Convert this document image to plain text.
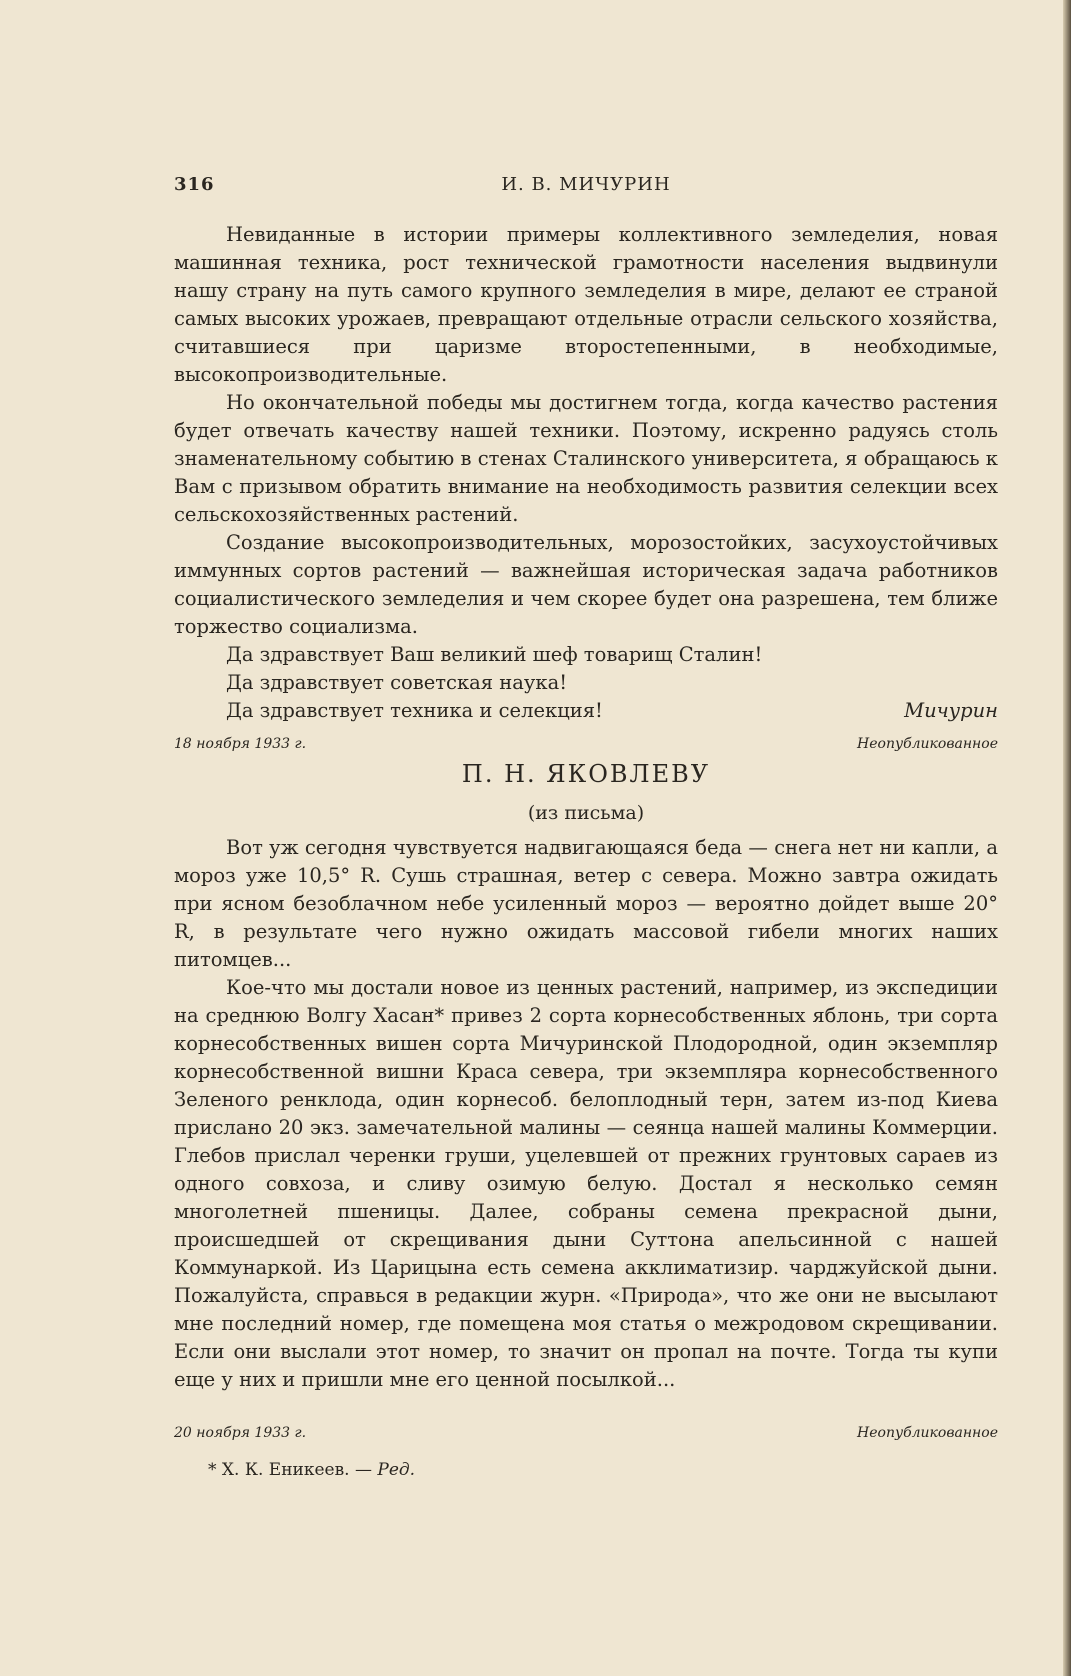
316	И. В. МИЧУРИН

Невиданные в истории примеры коллективного земледелия, новая машинная техника, рост технической грамотности населения выдвинули нашу страну на путь самого крупного земледелия в мире, делают ее страной самых высоких урожаев, превращают отдельные отрасли сельского хозяйства, считавшиеся при царизме второстепенными, в необходимые, высокопроизводительные.

Но окончательной победы мы достигнем тогда, когда качество растения будет отвечать качеству нашей техники. Поэтому, искренно радуясь столь знаменательному событию в стенах Сталинского университета, я обращаюсь к Вам с призывом обратить внимание на необходимость развития селекции всех сельскохозяйственных растений.

Создание высокопроизводительных, морозостойких, засухоустойчивых иммунных сортов растений — важнейшая историческая задача работников социалистического земледелия и чем скорее будет она разрешена, тем ближе торжество социализма.

Да здравствует Ваш великий шеф товарищ Сталин!

Да здравствует советская наука!

Да здравствует техника и селекция!	Мичурин
18 ноября 1933 г.	Неопубликованное
П. Н. ЯКОВЛЕВУ
(из письма)

Вот уж сегодня чувствуется надвигающаяся беда — снега нет ни капли, а мороз уже 10,5° R. Сушь страшная, ветер с севера. Можно завтра ожидать при ясном безоблачном небе усиленный мороз — вероятно дойдет выше 20° R, в результате чего нужно ожидать массовой гибели многих наших питомцев...

Кое-что мы достали новое из ценных растений, например, из экспедиции на среднюю Волгу Хасан* привез 2 сорта корнесобственных яблонь, три сорта корнесобственных вишен сорта Мичуринской Плодородной, один экземпляр корнесобственной вишни Краса севера, три экземпляра корнесобственного Зеленого ренклода, один корнесоб. белоплодный терн, затем из-под Киева прислано 20 экз. замечательной малины — сеянца нашей малины Коммерции. Глебов прислал черенки груши, уцелевшей от прежних грунтовых сараев из одного совхоза, и сливу озимую белую. Достал я несколько семян многолетней пшеницы. Далее, собраны семена прекрасной дыни, происшедшей от скрещивания дыни Суттона апельсинной с нашей Коммунаркой. Из Царицына есть семена акклиматизир. чарджуйской дыни. Пожалуйста, справься в редакции журн. «Природа», что же они не высылают мне последний номер, где помещена моя статья о межродовом скрещивании. Если они выслали этот номер, то значит он пропал на почте. Тогда ты купи еще у них и пришли мне его ценной посылкой...

20 ноября 1933 г.	Неопубликованное
* Х. К. Еникеев. — Ред.
